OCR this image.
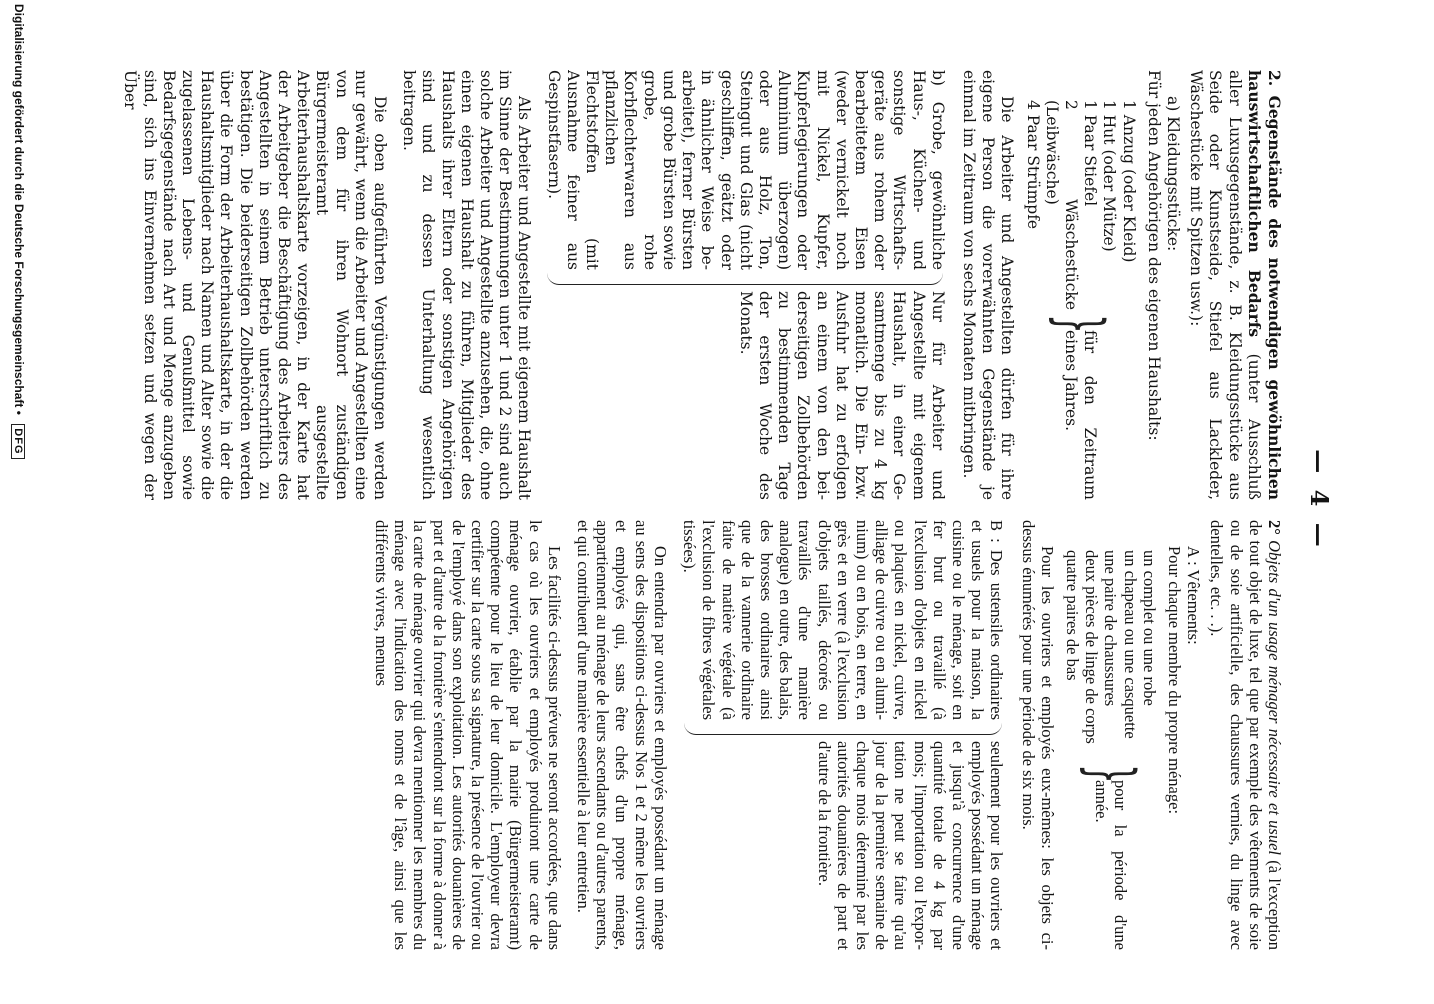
— 4 —

2. Gegenstände des notwendigen gewöhnlichen hauswirtschaftlichen Bedarfs (unter Ausschluß aller Luxusgegenstände, z. B. Kleidungsstücke aus Seide oder Kunstseide, Stiefel aus Lackleder, Wäschestücke mit Spitzen usw.):

a) Kleidungsstücke:

Für jeden Angehörigen des eigenen Haushalts:

1 Anzug (oder Kleid)
1 Hut (oder Mütze)
1 Paar Stiefel
2 Wäschestücke (Leibwäsche)
4 Paar Strümpfe
}
für den Zeitraum eines Jahres.

Die Arbeiter und Angestellten dürfen für ihre eigene Person die vorerwähnten Gegenstände je einmal im Zeitraum von sechs Monaten mitbringen.

b) Grobe, gewöhnliche Haus-, Küchen- und sonstige Wirtschaftsgeräte aus rohem oder bearbeitetem Eisen (weder vernickelt noch mit Nickel, Kupfer, Kupferlegierungen oder Aluminium überzogen) oder aus Holz, Ton, Steingut und Glas (nicht geschliffen, geätzt oder in ähnlicher Weise bearbeitet), ferner Bürsten und grobe Bürsten sowie grobe, rohe Korbflechterwaren aus pflanzlichen Flechtstoffen (mit Ausnahme feiner aus Gespinstfasern).
Nur für Arbeiter und Angestellte mit eigenem Haushalt, in einer Gesamtmenge bis zu 4 kg monatlich. Die Ein- bzw. Ausfuhr hat zu erfolgen an einem von den beiderseitigen Zollbehörden zu bestimmenden Tage der ersten Woche des Monats.

Als Arbeiter und Angestellte mit eigenem Haushalt im Sinne der Bestimmungen unter 1 und 2 sind auch solche Arbeiter und Angestellte anzusehen, die, ohne einen eigenen Haushalt zu führen, Mitglieder des Haushalts ihrer Eltern oder sonstigen Angehörigen sind und zu dessen Unterhaltung wesentlich beitragen.

Die oben aufgeführten Vergünstigungen werden nur gewährt, wenn die Arbeiter und Angestellten eine von dem für ihren Wohnort zuständigen Bürgermeisteramt ausgestellte Arbeiterhaushaltskarte vorzeigen, in der Karte hat der Arbeitgeber die Beschäftigung des Arbeiters des Angestellten in seinem Betrieb unterschriftlich zu bestätigen. Die beiderseitigen Zollbehörden werden über die Form der Arbeiterhaushaltskarte, in der die Haushaltsmitglieder nach Namen und Alter sowie die zugelassenen Lebens- und Genußmittel sowie Bedarfsgegenstände nach Art und Menge anzugeben sind, sich ins Einvernehmen setzen und wegen der Über

2° Objets d'un usage ménager nécessaire et usuel (à l'exception de tout objet de luxe, tel que par exemple des vêtements de soie ou de soie artificielle, des chaussures vernies, du linge avec dentelles, etc. . .).

A : Vêtements:

Pour chaque membre du propre ménage:

un complet ou une robe
un chapeau ou une casquette
une paire de chaussures
deux pièces de linge de corps
quatre paires de bas
}
pour la période d'une année.

Pour les ouvriers et employés eux-mêmes: les objets ci-dessus énumérés pour une période de six mois.

B : Des ustensiles ordinaires et usuels pour la maison, la cuisine ou le ménage, soit en fer brut ou travaillé (à l'exclusion d'objets en nickel ou plaqués en nickel, cuivre, alliage de cuivre ou en aluminium) ou en bois, en terre, en grès et en verre (à l'exclusion d'objets taillés, décorés ou travaillés d'une manière analogue) en outre, des balais, des brosses ordinaires ainsi que de la vannerie ordinaire faite de matière végétale (à l'exclusion de fibres végétales tissées).
seulement pour les ouvriers et employés possédant un ménage et jusqu'à concurrence d'une quantité totale de 4 kg par mois; l'importation ou l'exportation ne peut se faire qu'au jour de la première semaine de chaque mois déterminé par les autorités douaniéres de part et d'autre de la frontière.

On entendra par ouvriers et employés possédant un ménage au sens des dispositions ci-dessus Nos 1 et 2 même les ouvriers et employés qui, sans être chefs d'un propre ménage, appartiennent au ménage de leurs ascendants ou d'autres parents, et qui contribuent d'une manière essentielle à leur entretien.

Les facilités ci-dessus prévues ne seront accordées, que dans le cas où les ouvriers et employés produiront une carte de ménage ouvrier, établie par la mairie (Bürgermeisteramt) compétente pour le lieu de leur domicile. L'employeur devra certifier sur la carte sous sa signature, la présence de l'ouvrier ou de l'employé dans son exploitation. Les autorités douanières de part et d'autre de la frontière s'entendront sur la forme à donner à la carte de ménage ouvrier qui devra mentionner les membres du ménage avec l'indication des noms et de l'âge, ainsi que les différents vivres, menues

Digitalisierung gefördert durch die Deutsche Forschungsgemeinschaft • DFG
